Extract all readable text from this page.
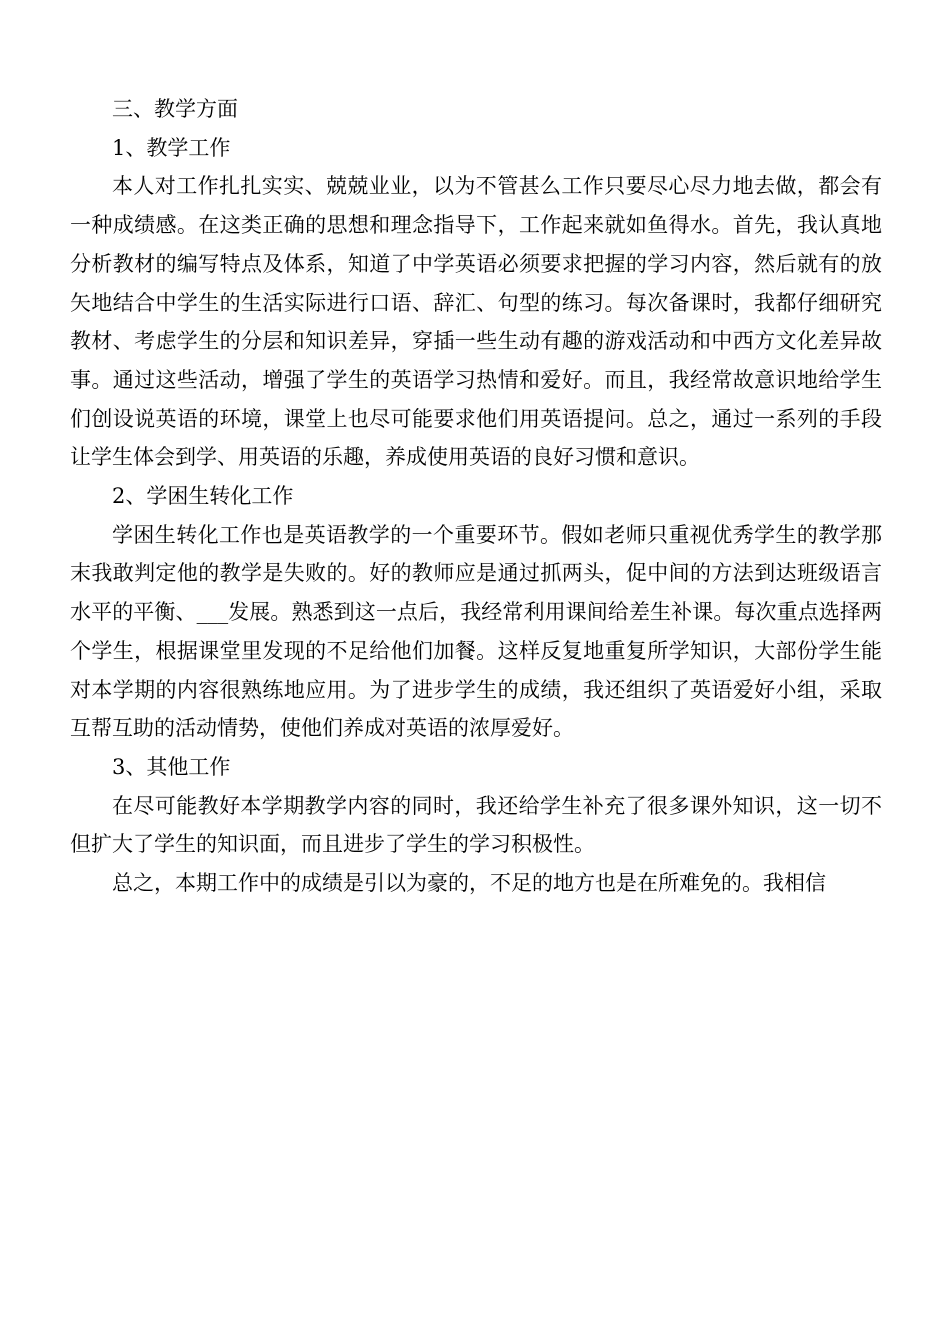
三、教学方面

1、教学工作

本人对工作扎扎实实、兢兢业业，以为不管甚么工作只要尽心尽力地去做，都会有一种成绩感。在这类正确的思想和理念指导下，工作起来就如鱼得水。首先，我认真地分析教材的编写特点及体系，知道了中学英语必须要求把握的学习内容，然后就有的放矢地结合中学生的生活实际进行口语、辞汇、句型的练习。每次备课时，我都仔细研究教材、考虑学生的分层和知识差异，穿插一些生动有趣的游戏活动和中西方文化差异故事。通过这些活动，增强了学生的英语学习热情和爱好。而且，我经常故意识地给学生们创设说英语的环境，课堂上也尽可能要求他们用英语提问。总之，通过一系列的手段让学生体会到学、用英语的乐趣，养成使用英语的良好习惯和意识。

2、学困生转化工作

学困生转化工作也是英语教学的一个重要环节。假如老师只重视优秀学生的教学那末我敢判定他的教学是失败的。好的教师应是通过抓两头，促中间的方法到达班级语言水平的平衡、___发展。熟悉到这一点后，我经常利用课间给差生补课。每次重点选择两个学生，根据课堂里发现的不足给他们加餐。这样反复地重复所学知识，大部份学生能对本学期的内容很熟练地应用。为了进步学生的成绩，我还组织了英语爱好小组，采取互帮互助的活动情势，使他们养成对英语的浓厚爱好。

3、其他工作

在尽可能教好本学期教学内容的同时，我还给学生补充了很多课外知识，这一切不但扩大了学生的知识面，而且进步了学生的学习积极性。

总之，本期工作中的成绩是引以为豪的，不足的地方也是在所难免的。我相信
